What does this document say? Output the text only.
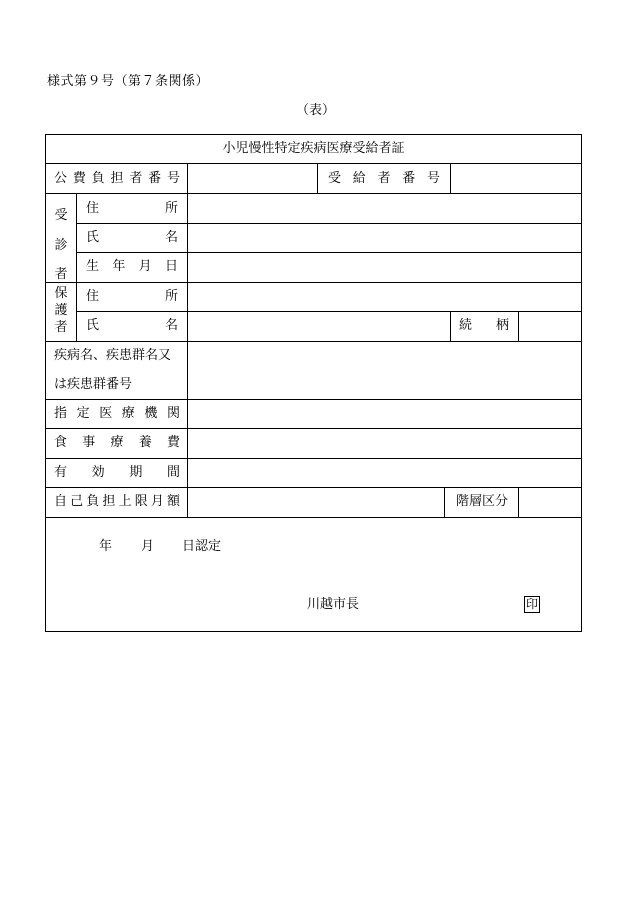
様式第９号（第７条関係）
（表）
小児慢性特定疾病医療受給者証
公費負担者番号	受給者番号
受診者
住所
氏名
生年月日
保護者
住所
氏名	続柄
疾病名、疾患群名又
は疾患群番号
指定医療機関
食事療養費
有効期間
自己負担上限月額	階層区分
年 月 日認定
川越市長	印
